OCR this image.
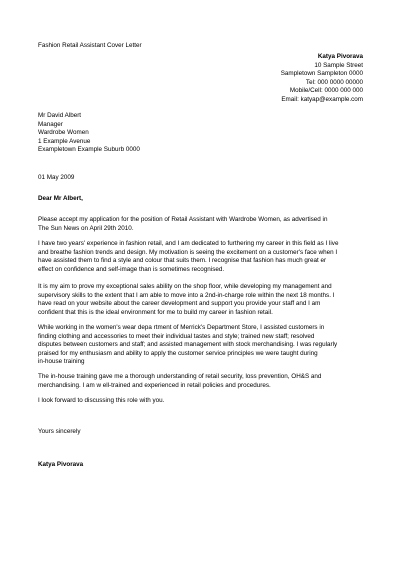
Fashion Retail Assistant Cover Letter
Katya Pivorava
10 Sample Street
Sampletown Sampleton 0000
Tel: 000 0000 00000
Mobile/Cell: 0000 000 000
Email: katyap@example.com
Mr David Albert
Manager
Wardrobe Women
1 Example Avenue
Exampletown Example Suburb 0000
01 May 2009
Dear Mr Albert,
Please accept my application for the position of Retail Assistant with Wardrobe Women, as advertised in
The Sun News on April 29th 2010.
I have two years' experience in fashion retail, and I am dedicated to furthering my career in this field as I live
and breathe fashion trends and design. My motivation is seeing the excitement on a customer's face when I
have assisted them to find a style and colour that suits them. I recognise that fashion has much great er
effect on confidence and self-image than is sometimes recognised.
It is my aim to prove my exceptional sales ability on the shop floor, while developing my management and
supervisory skills to the extent that I am able to move into a 2nd-in-charge role within the next 18 months. I
have read on your website about the career development and support you provide your staff and I am
confident that this is the ideal environment for me to build my career in fashion retail.
While working in the women's wear depa rtment of Merrick's Department Store, I assisted customers in
finding clothing and accessories to meet their individual tastes and style; trained new staff; resolved
disputes between customers and staff; and assisted management with stock merchandising. I was regularly
praised for my enthusiasm and ability to apply the customer service principles we were taught during
in-house training
The in-house training gave me a thorough understanding of retail security, loss prevention, OH&S and
merchandising. I am w ell-trained and experienced in retail policies and procedures.
I look forward to discussing this role with you.
Yours sincerely
Katya Pivorava
